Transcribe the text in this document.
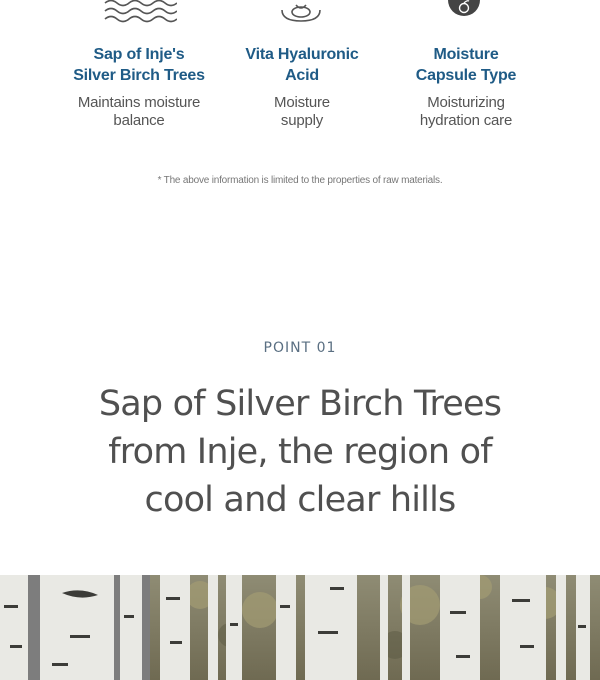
Sap of Inje's
Silver Birch Trees

Maintains moisture
balance

Vita Hyaluronic
Acid

Moisture
supply

Moisture
Capsule Type

Moisturizing
hydration care

* The above information is limited to the properties of raw materials.

POINT 01

Sap of Silver Birch Trees
from Inje, the region of
cool and clear hills
